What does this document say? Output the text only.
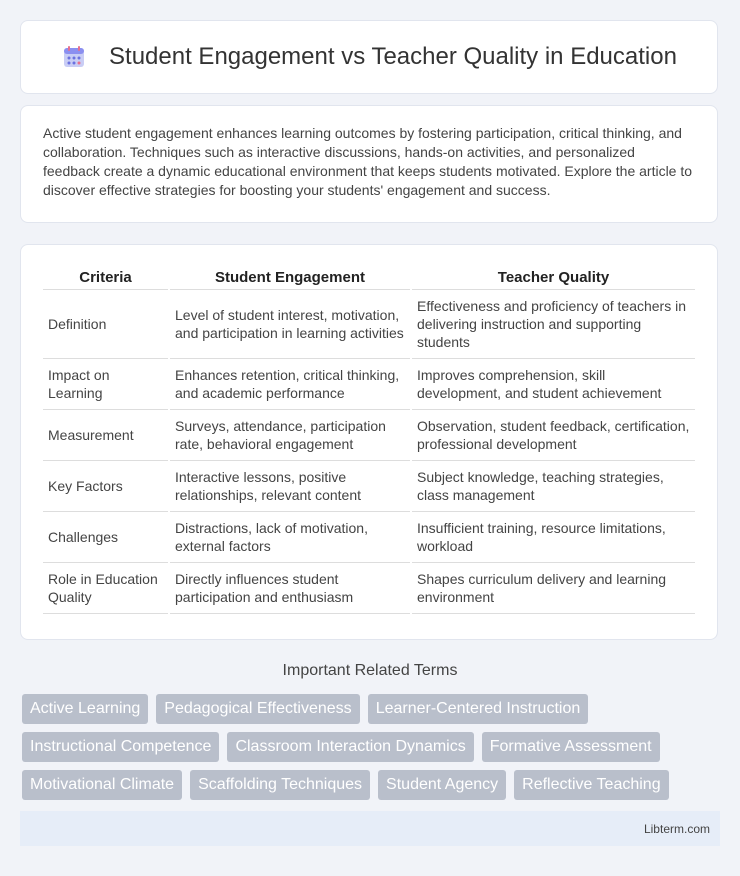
Student Engagement vs Teacher Quality in Education

Active student engagement enhances learning outcomes by fostering participation, critical thinking, and collaboration. Techniques such as interactive discussions, hands-on activities, and personalized feedback create a dynamic educational environment that keeps students motivated. Explore the article to discover effective strategies for boosting your students' engagement and success.

Criteria	Student Engagement	Teacher Quality
Definition	Level of student interest, motivation, and participation in learning activities	Effectiveness and proficiency of teachers in delivering instruction and supporting students
Impact on Learning	Enhances retention, critical thinking, and academic performance	Improves comprehension, skill development, and student achievement
Measurement	Surveys, attendance, participation rate, behavioral engagement	Observation, student feedback, certification, professional development
Key Factors	Interactive lessons, positive relationships, relevant content	Subject knowledge, teaching strategies, class management
Challenges	Distractions, lack of motivation, external factors	Insufficient training, resource limitations, workload
Role in Education Quality	Directly influences student participation and enthusiasm	Shapes curriculum delivery and learning environment
Important Related Terms
Active Learning	Pedagogical Effectiveness	Learner-Centered Instruction
Instructional Competence	Classroom Interaction Dynamics	Formative Assessment
Motivational Climate	Scaffolding Techniques	Student Agency	Reflective Teaching
Libterm.com
